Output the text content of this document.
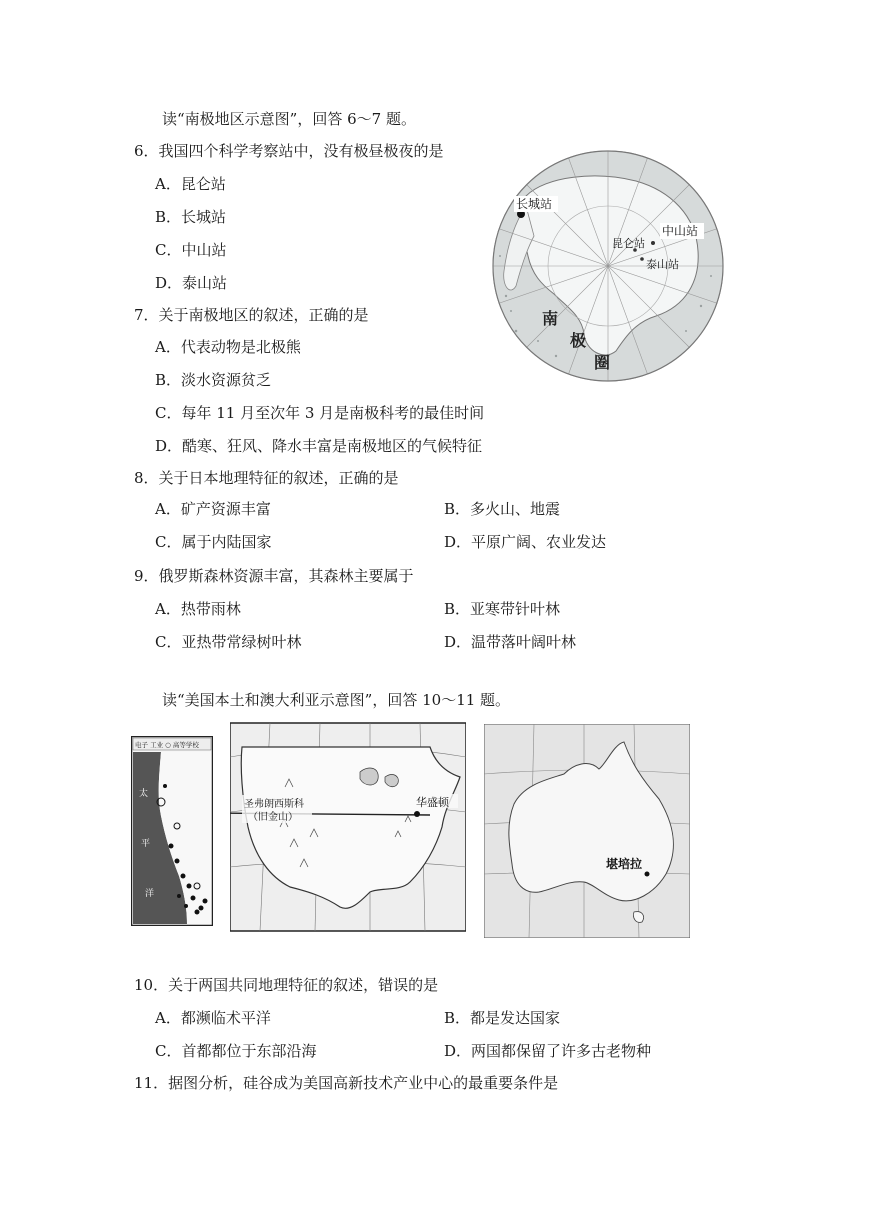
读“南极地区示意图”，回答 6～7 题。
6．我国四个科学考察站中，没有极昼极夜的是
A．昆仑站
B．长城站
C．中山站
D．泰山站
7．关于南极地区的叙述，正确的是
A．代表动物是北极熊
B．淡水资源贫乏
C．每年 11 月至次年 3 月是南极科考的最佳时间
D．酷寒、狂风、降水丰富是南极地区的气候特征
8．关于日本地理特征的叙述，正确的是
A．矿产资源丰富	B．多火山、地震
C．属于内陆国家	D．平原广阔、农业发达
9．俄罗斯森林资源丰富，其森林主要属于
A．热带雨林	B．亚寒带针叶林
C．亚热带常绿树叶林	D．温带落叶阔叶林
长城站
中山站
昆仑站
泰山站
南
极
圈
读“美国本土和澳大利亚示意图”，回答 10～11 题。
电子 工业 ○ 高等学校
太
平
洋
圣弗朗西斯科
（旧金山）
华盛顿
堪培拉
10．关于两国共同地理特征的叙述，错误的是
A．都濒临术平洋	B．都是发达国家
C．首都都位于东部沿海	D．两国都保留了许多古老物种
11．据图分析，硅谷成为美国高新技术产业中心的最重要条件是
